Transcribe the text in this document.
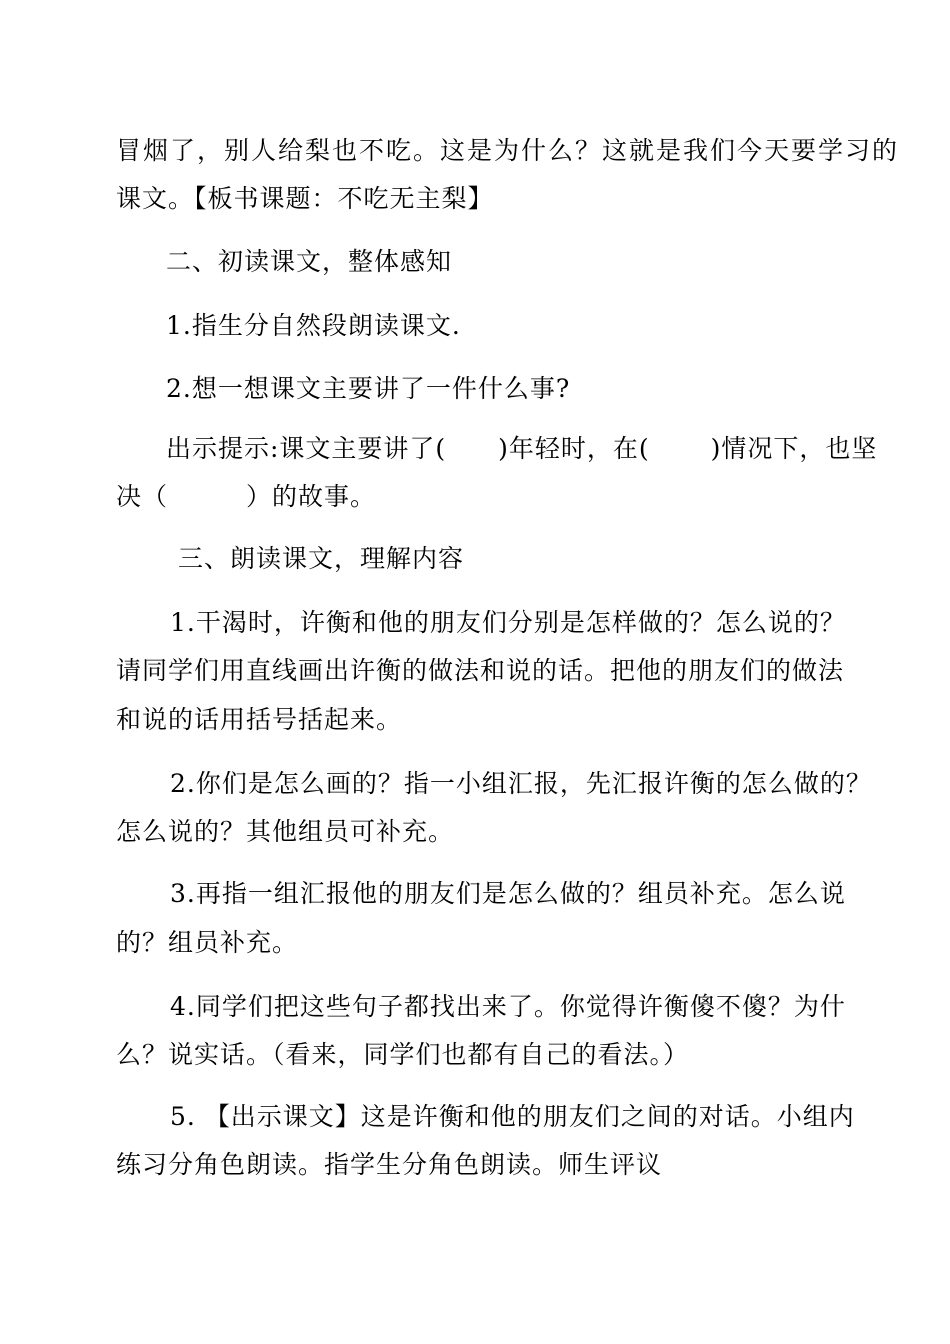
冒烟了，别人给梨也不吃。这是为什么？这就是我们今天要学习的
课文。【板书课题：不吃无主梨】
二、初读课文，整体感知
1.指生分自然段朗读课文.
2.想一想课文主要讲了一件什么事?
出示提示:课文主要讲了(　　)年轻时，在(　　 )情况下，也坚
决（　　　）的故事。
三、朗读课文，理解内容
1.干渴时，许衡和他的朋友们分别是怎样做的？怎么说的？
请同学们用直线画出许衡的做法和说的话。把他的朋友们的做法
和说的话用括号括起来。
2.你们是怎么画的？指一小组汇报，先汇报许衡的怎么做的？
怎么说的？其他组员可补充。
3.再指一组汇报他的朋友们是怎么做的？组员补充。怎么说
的？组员补充。
4.同学们把这些句子都找出来了。你觉得许衡傻不傻？为什
么？说实话。（看来，同学们也都有自己的看法。）
5. 【出示课文】这是许衡和他的朋友们之间的对话。小组内
练习分角色朗读。指学生分角色朗读。师生评议
